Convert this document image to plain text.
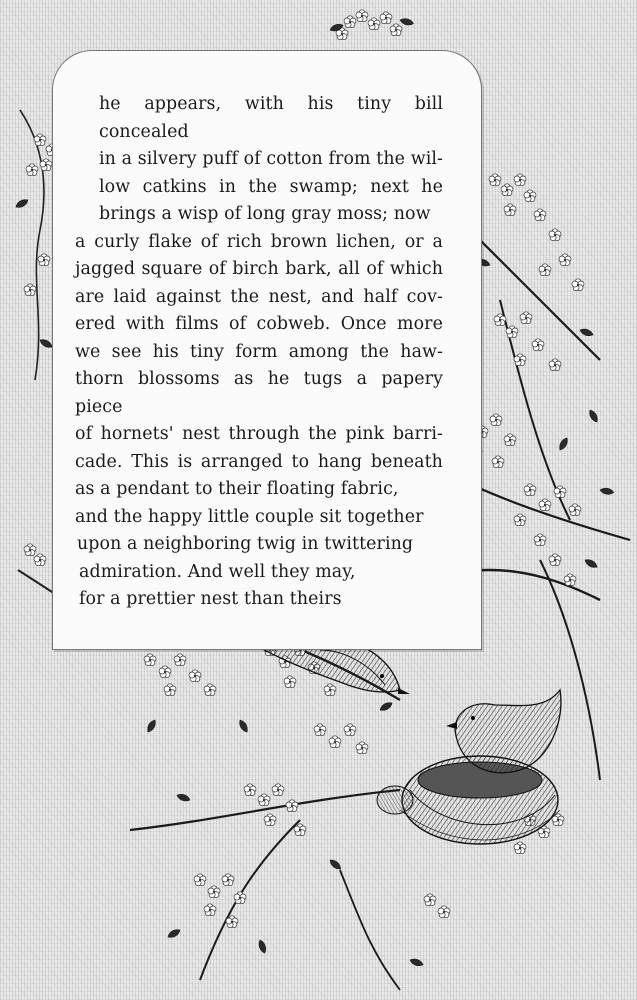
he appears, with his tiny bill concealed
in a silvery puff of cotton from the wil-
low catkins in the swamp; next he
brings a wisp of long gray moss; now
a curly flake of rich brown lichen, or a
jagged square of birch bark, all of which
are laid against the nest, and half cov-
ered with films of cobweb. Once more
we see his tiny form among the haw-
thorn blossoms as he tugs a papery piece
of hornets' nest through the pink barri-
cade. This is arranged to hang beneath
as a pendant to their floating fabric,
and the happy little couple sit together
upon a neighboring twig in twittering
admiration. And well they may,
for a prettier nest than theirs
